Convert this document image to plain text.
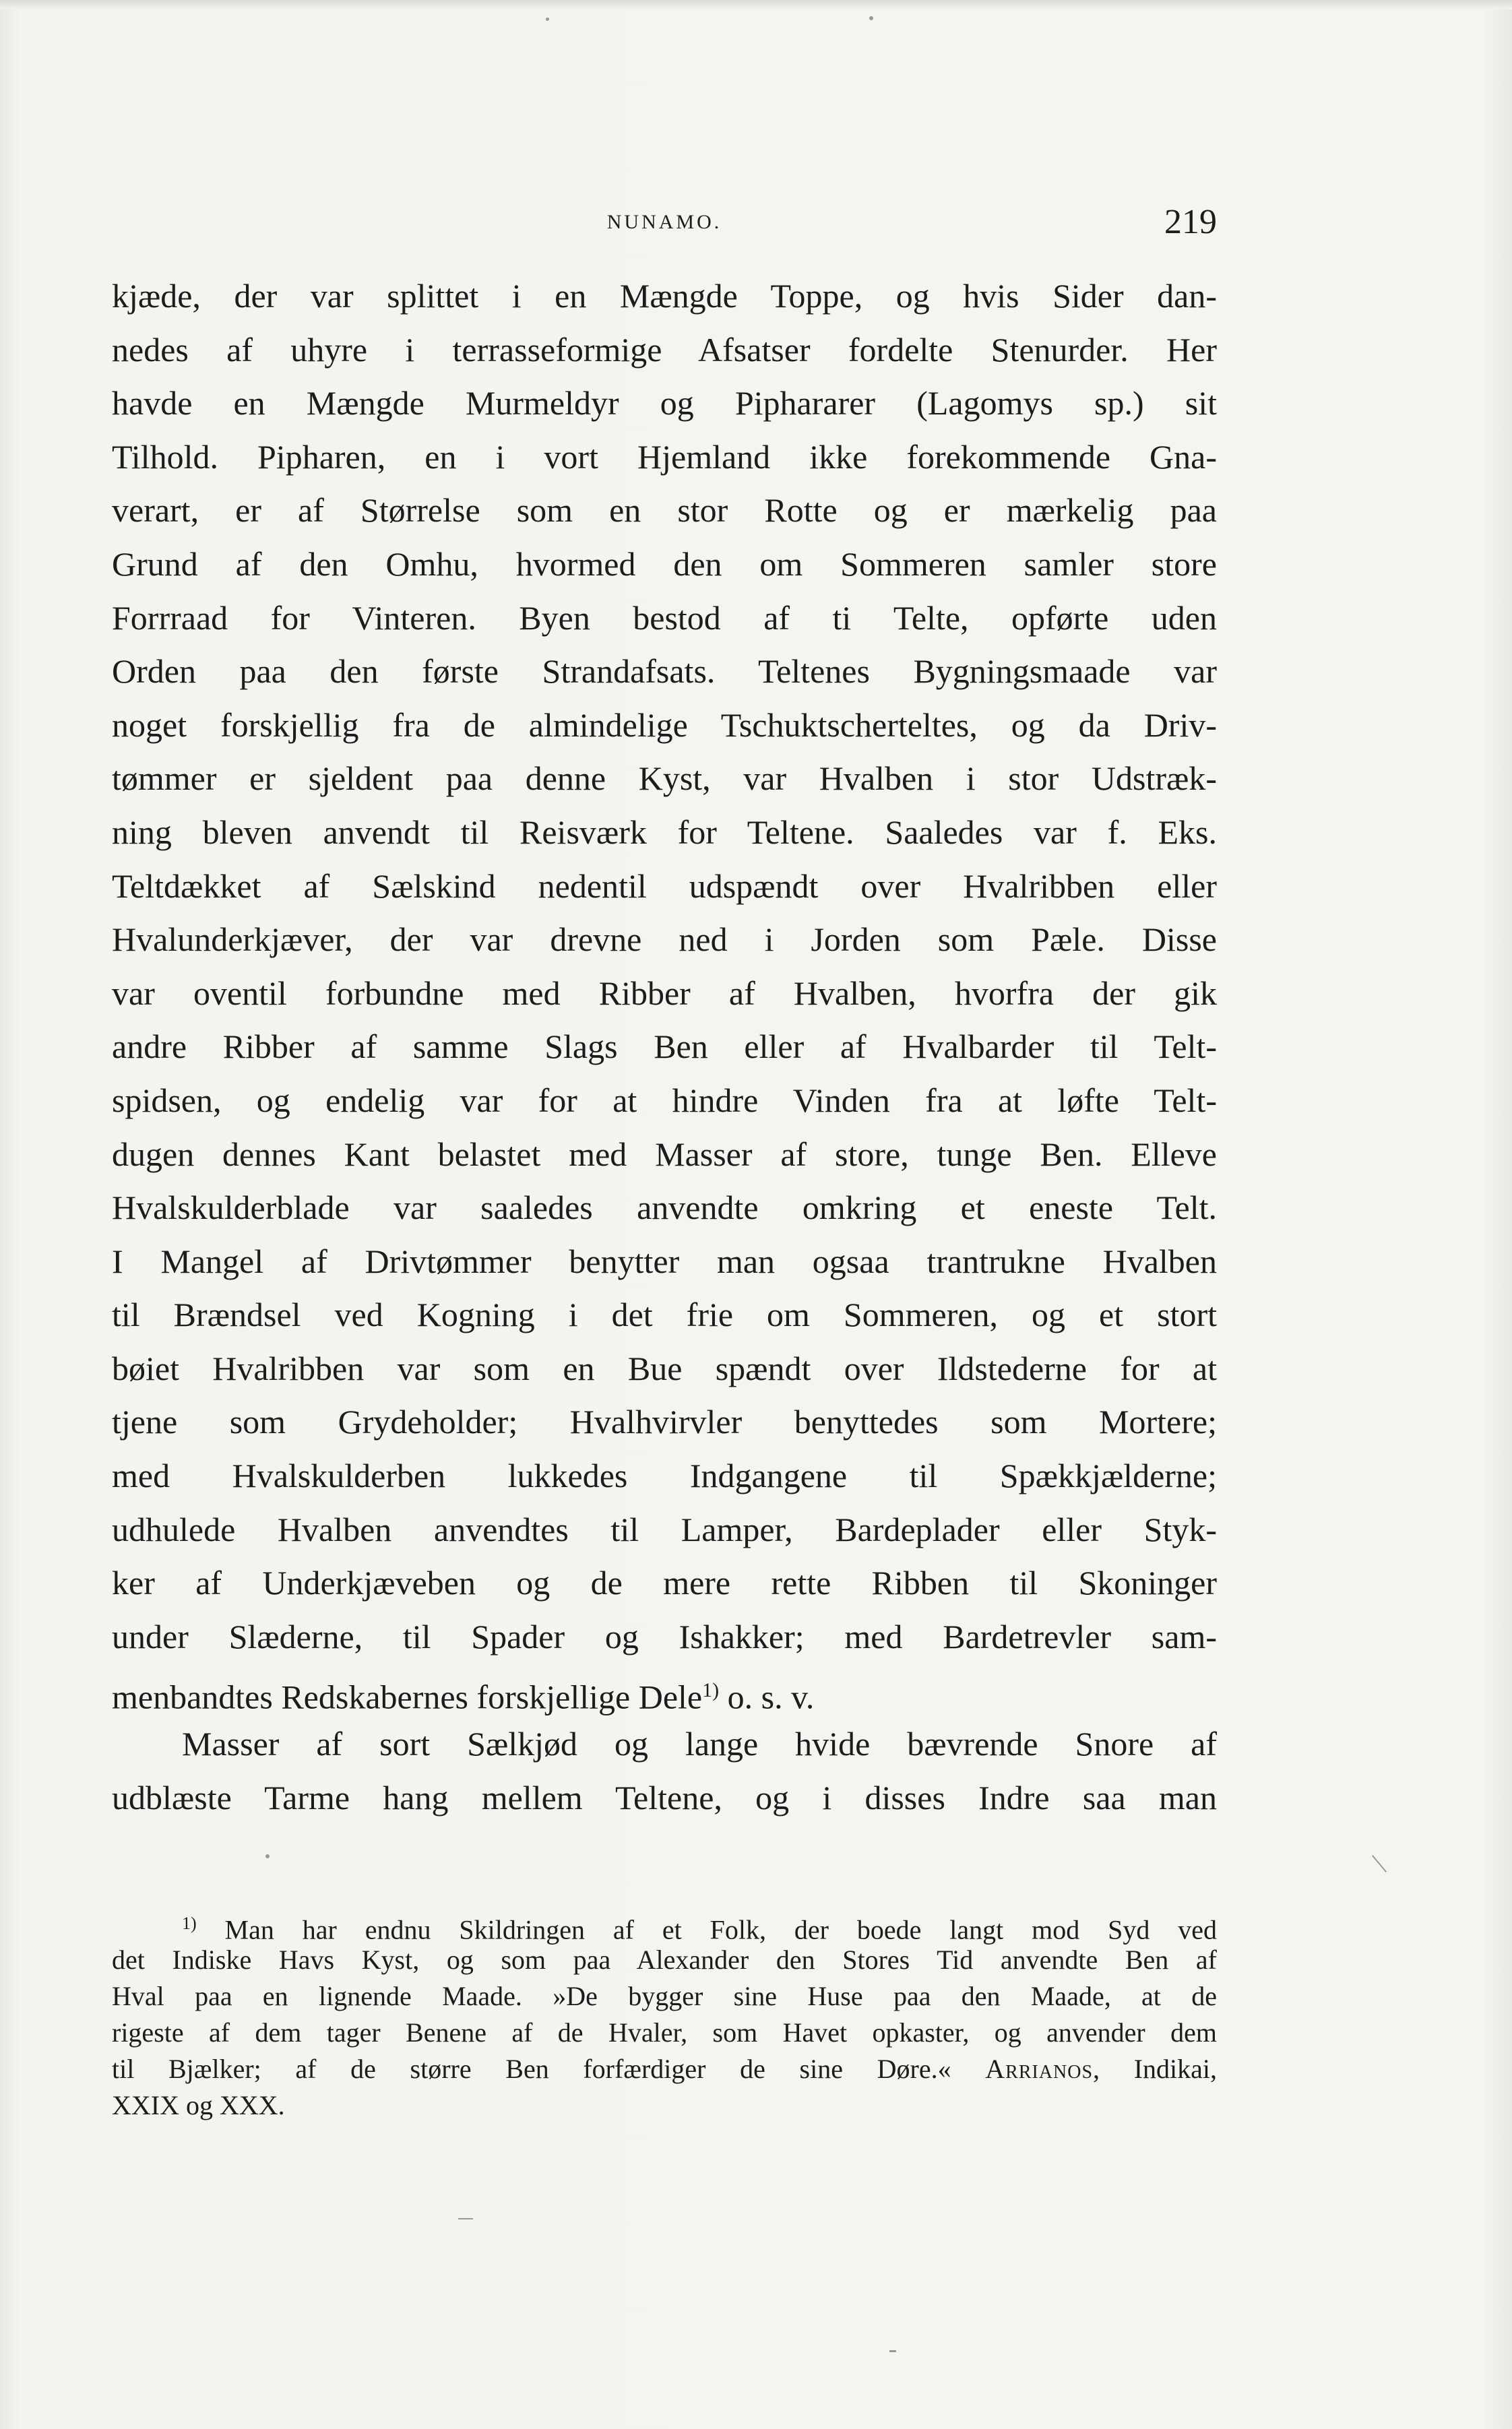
NUNAMO.	219
kjæde, der var splittet i en Mængde Toppe, og hvis Sider dan-
nedes af uhyre i terrasseformige Afsatser fordelte Stenurder. Her
havde en Mængde Murmeldyr og Piphararer (Lagomys sp.) sit
Tilhold. Pipharen, en i vort Hjemland ikke forekommende Gna-
verart, er af Størrelse som en stor Rotte og er mærkelig paa
Grund af den Omhu, hvormed den om Sommeren samler store
Forrraad for Vinteren. Byen bestod af ti Telte, opførte uden
Orden paa den første Strandafsats. Teltenes Bygningsmaade var
noget forskjellig fra de almindelige Tschuktscherteltes, og da Driv-
tømmer er sjeldent paa denne Kyst, var Hvalben i stor Udstræk-
ning bleven anvendt til Reisværk for Teltene. Saaledes var f. Eks.
Teltdækket af Sælskind nedentil udspændt over Hvalribben eller
Hvalunderkjæver, der var drevne ned i Jorden som Pæle. Disse
var oventil forbundne med Ribber af Hvalben, hvorfra der gik
andre Ribber af samme Slags Ben eller af Hvalbarder til Telt-
spidsen, og endelig var for at hindre Vinden fra at løfte Telt-
dugen dennes Kant belastet med Masser af store, tunge Ben. Elleve
Hvalskulderblade var saaledes anvendte omkring et eneste Telt.
I Mangel af Drivtømmer benytter man ogsaa trantrukne Hvalben
til Brændsel ved Kogning i det frie om Sommeren, og et stort
bøiet Hvalribben var som en Bue spændt over Ildstederne for at
tjene som Grydeholder; Hvalhvirvler benyttedes som Mortere;
med Hvalskulderben lukkedes Indgangene til Spækkjælderne;
udhulede Hvalben anvendtes til Lamper, Bardeplader eller Styk-
ker af Underkjæveben og de mere rette Ribben til Skoninger
under Slæderne, til Spader og Ishakker; med Bardetrevler sam-
menbandtes Redskabernes forskjellige Dele$^{1)}$ o. s. v.
Masser af sort Sælkjød og lange hvide bævrende Snore af
udblæste Tarme hang mellem Teltene, og i disses Indre saa man
$^{1)}$ Man har endnu Skildringen af et Folk, der boede langt mod Syd ved
det Indiske Havs Kyst, og som paa Alexander den Stores Tid anvendte Ben af
Hval paa en lignende Maade. »De bygger sine Huse paa den Maade, at de
rigeste af dem tager Benene af de Hvaler, som Havet opkaster, og anvender dem
til Bjælker; af de større Ben forfærdiger de sine Døre.« Arrianos, Indikai,
XXIX og XXX.
